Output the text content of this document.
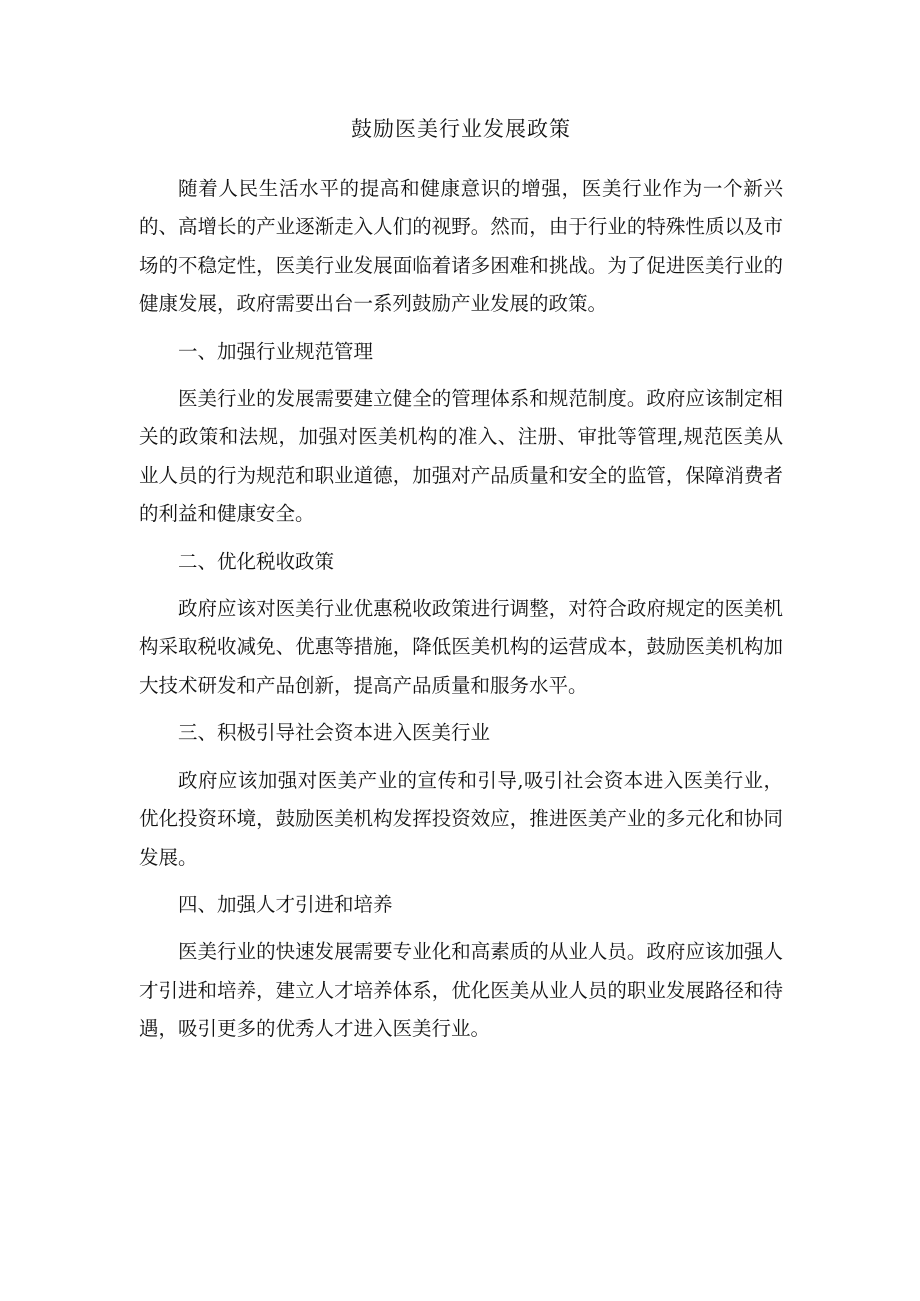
鼓励医美行业发展政策

随着人民生活水平的提高和健康意识的增强，医美行业作为一个新兴的、高增长的产业逐渐走入人们的视野。然而，由于行业的特殊性质以及市场的不稳定性，医美行业发展面临着诸多困难和挑战。为了促进医美行业的健康发展，政府需要出台一系列鼓励产业发展的政策。

一、加强行业规范管理

医美行业的发展需要建立健全的管理体系和规范制度。政府应该制定相关的政策和法规，加强对医美机构的准入、注册、审批等管理,规范医美从业人员的行为规范和职业道德，加强对产品质量和安全的监管，保障消费者的利益和健康安全。

二、优化税收政策

政府应该对医美行业优惠税收政策进行调整，对符合政府规定的医美机构采取税收减免、优惠等措施，降低医美机构的运营成本，鼓励医美机构加大技术研发和产品创新，提高产品质量和服务水平。

三、积极引导社会资本进入医美行业

政府应该加强对医美产业的宣传和引导,吸引社会资本进入医美行业，优化投资环境，鼓励医美机构发挥投资效应，推进医美产业的多元化和协同发展。

四、加强人才引进和培养

医美行业的快速发展需要专业化和高素质的从业人员。政府应该加强人才引进和培养，建立人才培养体系，优化医美从业人员的职业发展路径和待遇，吸引更多的优秀人才进入医美行业。
